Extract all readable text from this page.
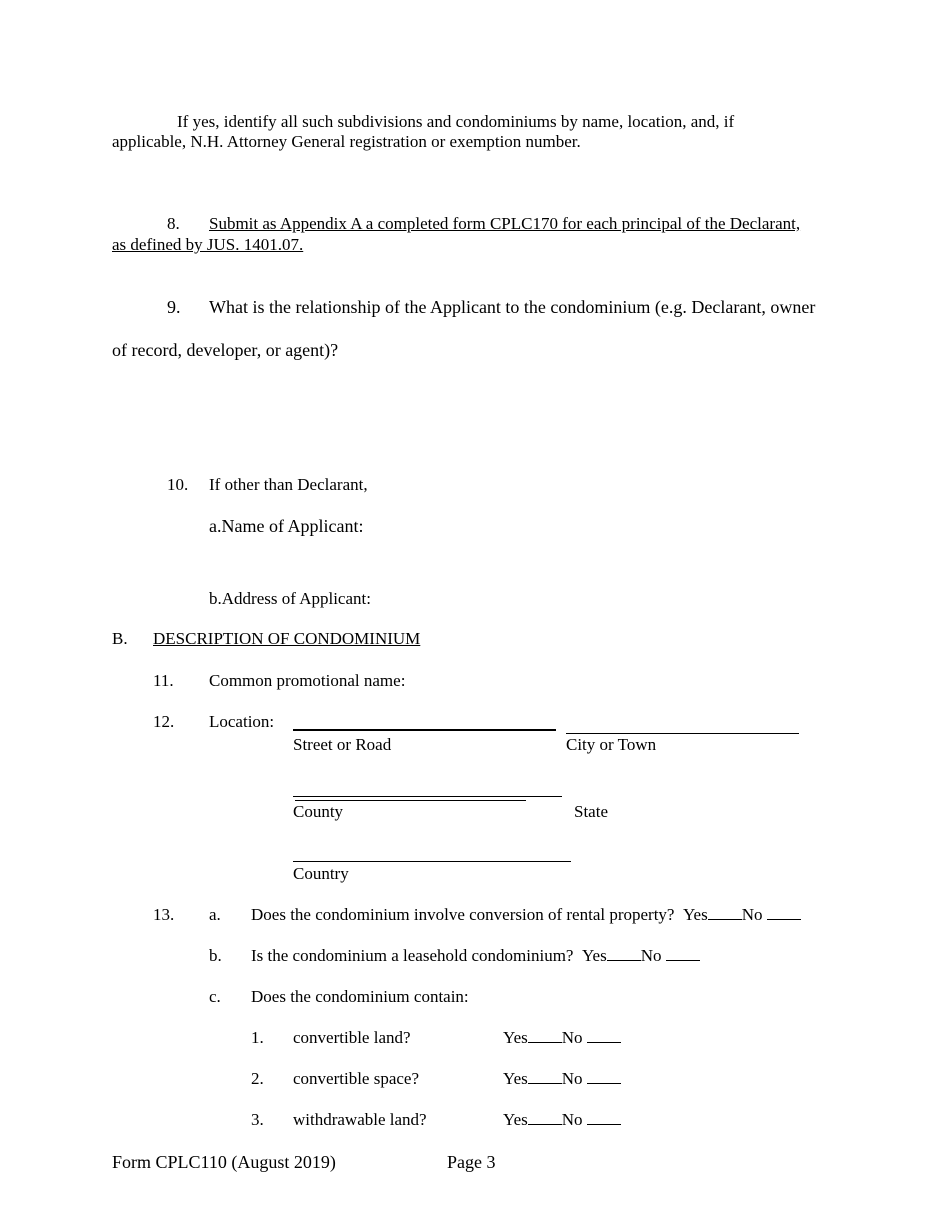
If yes, identify all such subdivisions and condominiums by name, location, and, if
applicable, N.H. Attorney General registration or exemption number.
8. Submit as Appendix A a completed form CPLC170 for each principal of the Declarant,
as defined by JUS. 1401.07.
9. What is the relationship of the Applicant to the condominium (e.g. Declarant, owner
of record, developer, or agent)?
10. If other than Declarant,
a.Name of Applicant:
b.Address of Applicant:
B. DESCRIPTION OF CONDOMINIUM
11. Common promotional name:
12. Location:
Street or Road	City or Town
County	State
Country
13. a. Does the condominium involve conversion of rental property? Yes No
b. Is the condominium a leasehold condominium? Yes No
c. Does the condominium contain:
1. convertible land?	Yes No
2. convertible space?	Yes No
3. withdrawable land?	Yes No
Form CPLC110 (August 2019)	Page 3
